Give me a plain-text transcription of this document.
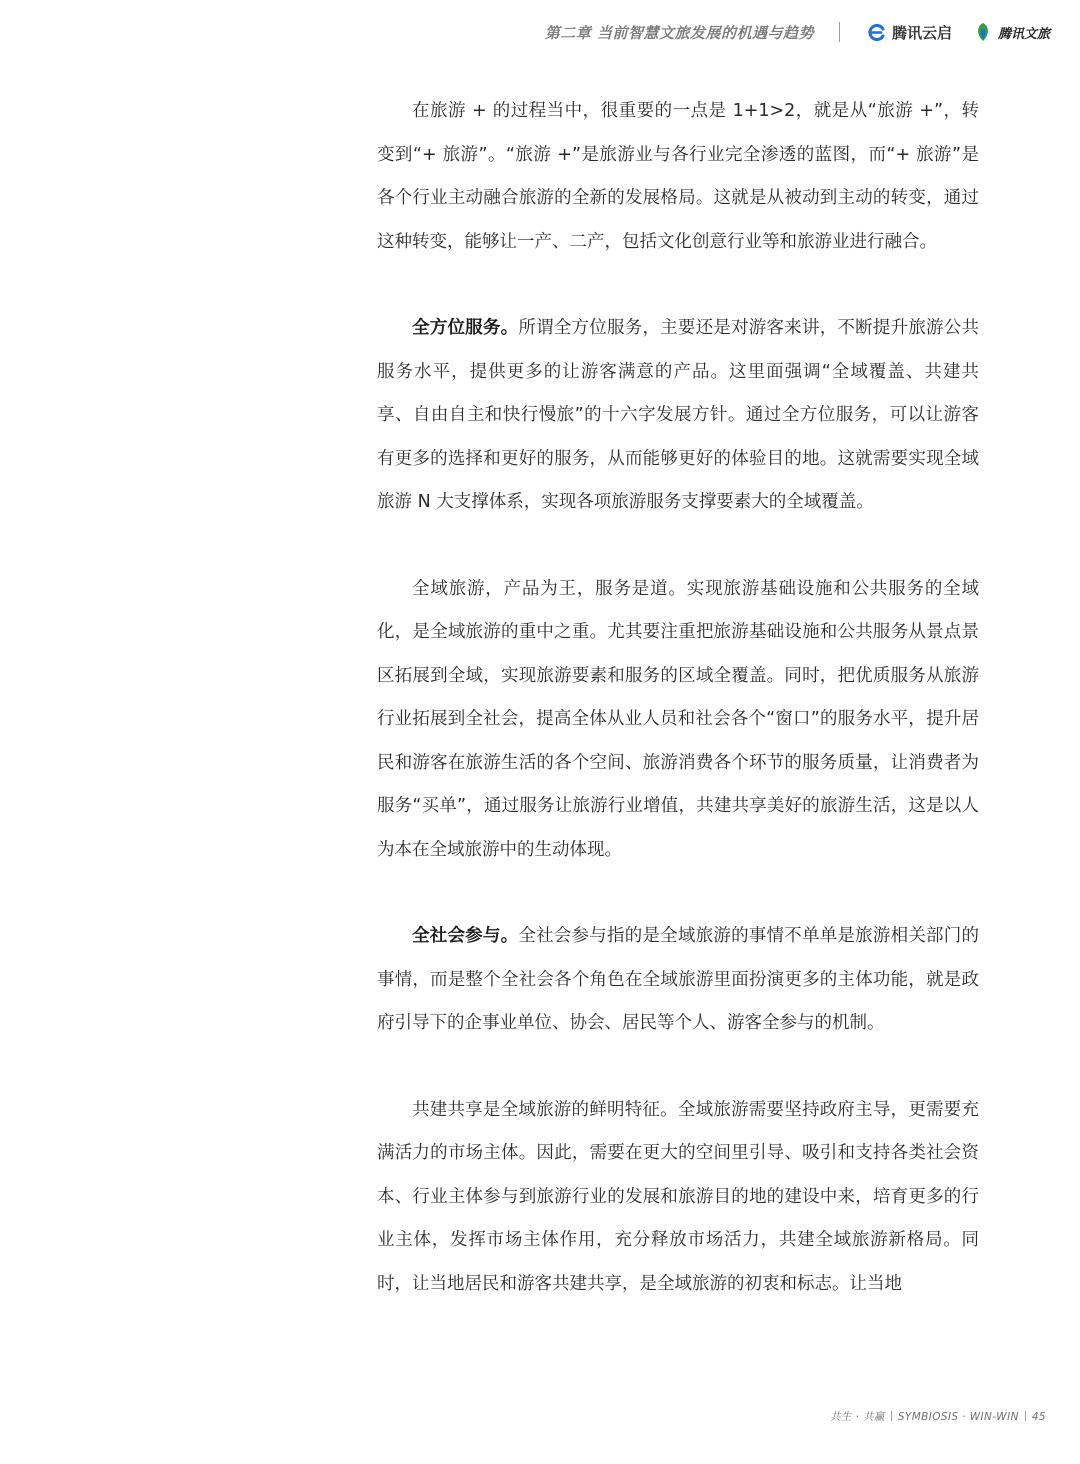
第二章 当前智慧文旅发展的机遇与趋势	腾讯云启	腾讯文旅

在旅游 + 的过程当中，很重要的一点是 1+1>2，就是从“旅游 +”，转变到“+ 旅游”。“旅游 +”是旅游业与各行业完全渗透的蓝图，而“+ 旅游”是各个行业主动融合旅游的全新的发展格局。这就是从被动到主动的转变，通过这种转变，能够让一产、二产，包括文化创意行业等和旅游业进行融合。

全方位服务。所谓全方位服务，主要还是对游客来讲，不断提升旅游公共服务水平，提供更多的让游客满意的产品。这里面强调“全域覆盖、共建共享、自由自主和快行慢旅”的十六字发展方针。通过全方位服务，可以让游客有更多的选择和更好的服务，从而能够更好的体验目的地。这就需要实现全域旅游 N 大支撑体系，实现各项旅游服务支撑要素大的全域覆盖。

全域旅游，产品为王，服务是道。实现旅游基础设施和公共服务的全域化，是全域旅游的重中之重。尤其要注重把旅游基础设施和公共服务从景点景区拓展到全域，实现旅游要素和服务的区域全覆盖。同时，把优质服务从旅游行业拓展到全社会，提高全体从业人员和社会各个“窗口”的服务水平，提升居民和游客在旅游生活的各个空间、旅游消费各个环节的服务质量，让消费者为服务“买单”，通过服务让旅游行业增值，共建共享美好的旅游生活，这是以人为本在全域旅游中的生动体现。

全社会参与。全社会参与指的是全域旅游的事情不单单是旅游相关部门的事情，而是整个全社会各个角色在全域旅游里面扮演更多的主体功能，就是政府引导下的企事业单位、协会、居民等个人、游客全参与的机制。

共建共享是全域旅游的鲜明特征。全域旅游需要坚持政府主导，更需要充满活力的市场主体。因此，需要在更大的空间里引导、吸引和支持各类社会资本、行业主体参与到旅游行业的发展和旅游目的地的建设中来，培育更多的行业主体，发挥市场主体作用，充分释放市场活力，共建全域旅游新格局。同时，让当地居民和游客共建共享，是全域旅游的初衷和标志。让当地

共生 · 共赢 SYMBIOSIS · WIN-WIN 45
